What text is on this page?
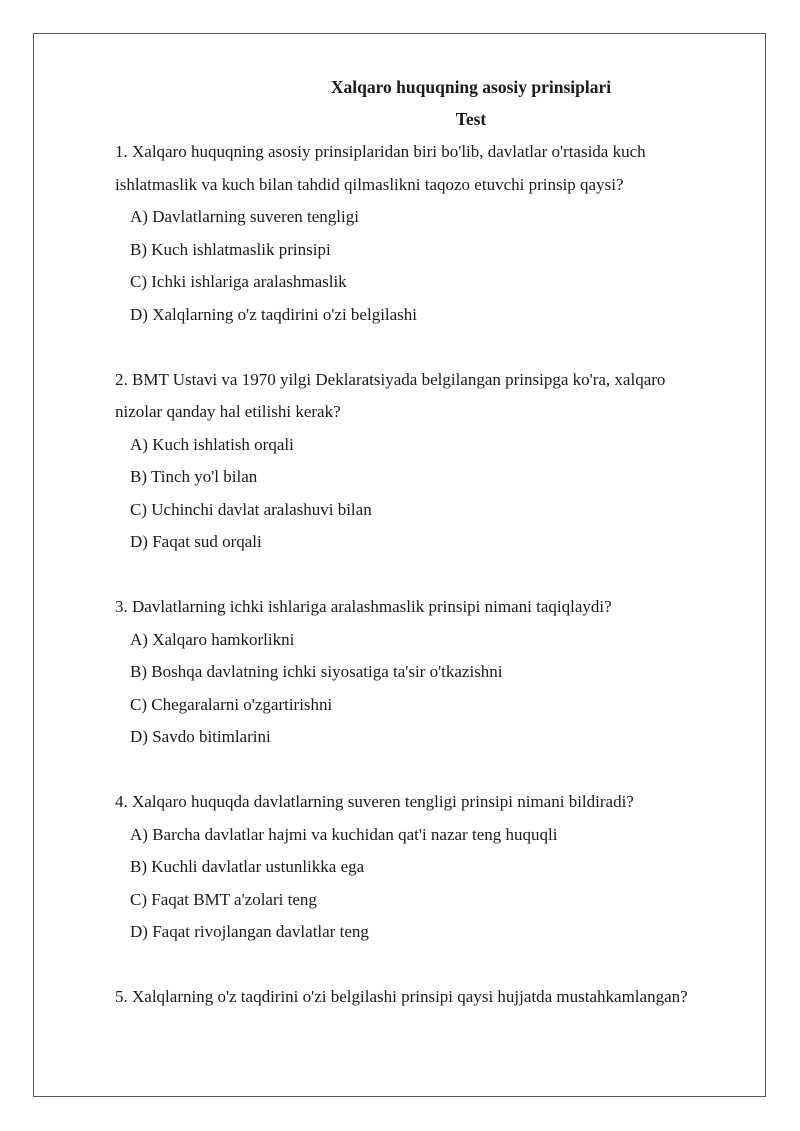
Xalqaro huquqning asosiy prinsiplari
Test

1. Xalqaro huquqning asosiy prinsiplaridan biri bo'lib, davlatlar o'rtasida kuch ishlatmaslik va kuch bilan tahdid qilmaslikni taqozo etuvchi prinsip qaysi?

A) Davlatlarning suveren tengligi
B) Kuch ishlatmaslik prinsipi
C) Ichki ishlariga aralashmaslik
D) Xalqlarning o'z taqdirini o'zi belgilashi

2. BMT Ustavi va 1970 yilgi Deklaratsiyada belgilangan prinsipga ko'ra, xalqaro nizolar qanday hal etilishi kerak?

A) Kuch ishlatish orqali
B) Tinch yo'l bilan
C) Uchinchi davlat aralashuvi bilan
D) Faqat sud orqali

3. Davlatlarning ichki ishlariga aralashmaslik prinsipi nimani taqiqlaydi?

A) Xalqaro hamkorlikni
B) Boshqa davlatning ichki siyosatiga ta'sir o'tkazishni
C) Chegaralarni o'zgartirishni
D) Savdo bitimlarini

4. Xalqaro huquqda davlatlarning suveren tengligi prinsipi nimani bildiradi?

A) Barcha davlatlar hajmi va kuchidan qat'i nazar teng huquqli
B) Kuchli davlatlar ustunlikka ega
C) Faqat BMT a'zolari teng
D) Faqat rivojlangan davlatlar teng

5. Xalqlarning o'z taqdirini o'zi belgilashi prinsipi qaysi hujjatda mustahkamlangan?
